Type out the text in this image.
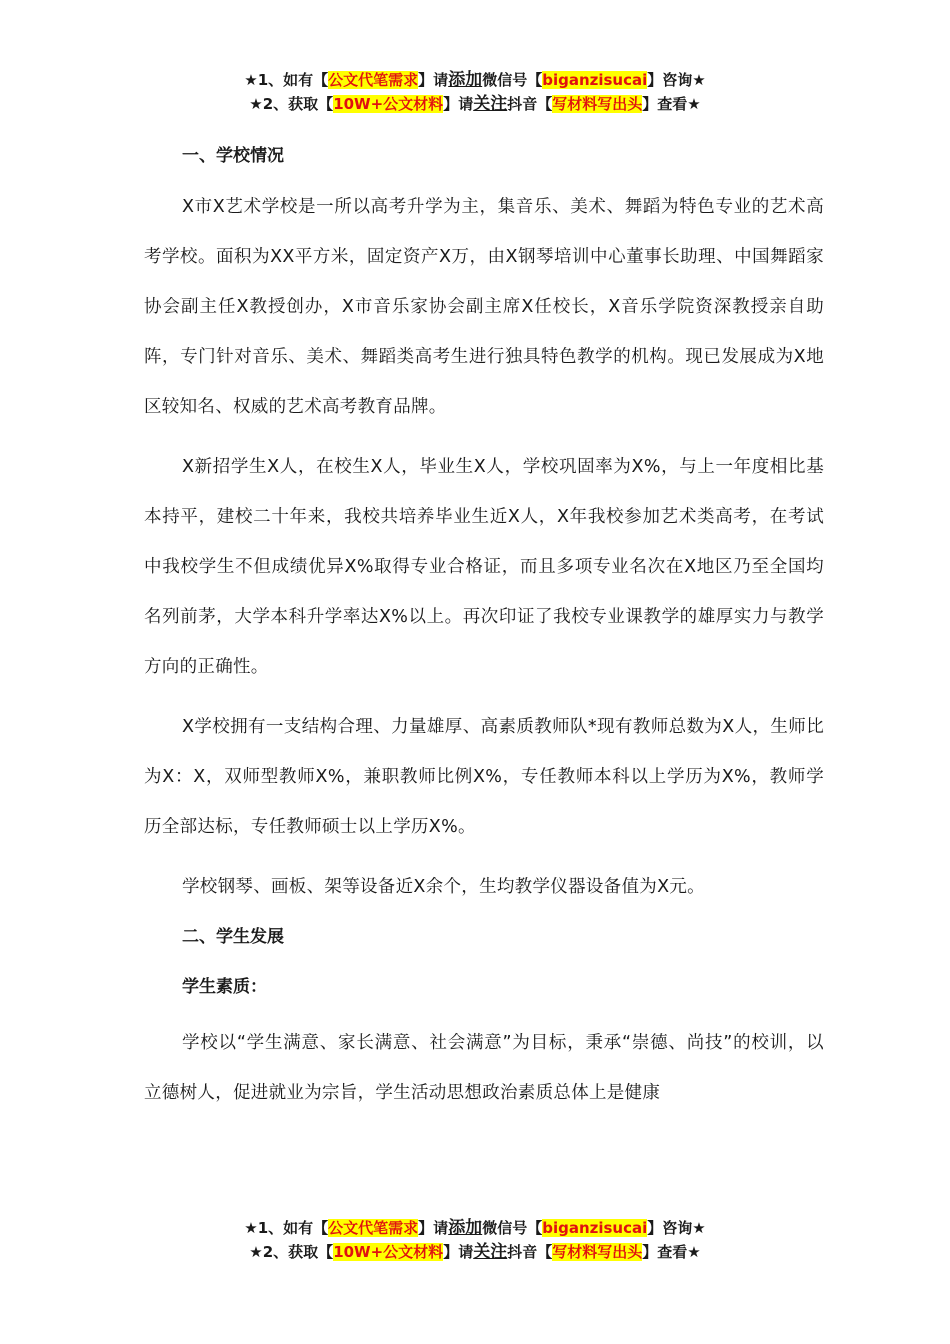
★1、如有【公文代笔需求】请添加微信号【biganzisucai】咨询★
★2、获取【10W+公文材料】请关注抖音【写材料写出头】查看★

一、学校情况

X市X艺术学校是一所以高考升学为主，集音乐、美术、舞蹈为特色专业的艺术高考学校。面积为XX平方米，固定资产X万，由X钢琴培训中心董事长助理、中国舞蹈家协会副主任X教授创办，X市音乐家协会副主席X任校长，X音乐学院资深教授亲自助阵，专门针对音乐、美术、舞蹈类高考生进行独具特色教学的机构。现已发展成为X地区较知名、权威的艺术高考教育品牌。

X新招学生X人，在校生X人，毕业生X人，学校巩固率为X%，与上一年度相比基本持平，建校二十年来，我校共培养毕业生近X人，X年我校参加艺术类高考，在考试中我校学生不但成绩优异X%取得专业合格证，而且多项专业名次在X地区乃至全国均名列前茅，大学本科升学率达X%以上。再次印证了我校专业课教学的雄厚实力与教学方向的正确性。

X学校拥有一支结构合理、力量雄厚、高素质教师队*现有教师总数为X人，生师比为X：X，双师型教师X%，兼职教师比例X%，专任教师本科以上学历为X%，教师学历全部达标，专任教师硕士以上学历X%。

学校钢琴、画板、架等设备近X余个，生均教学仪器设备值为X元。

二、学生发展

学生素质：

学校以“学生满意、家长满意、社会满意”为目标，秉承“崇德、尚技”的校训，以立德树人，促进就业为宗旨，学生活动思想政治素质总体上是健康

★1、如有【公文代笔需求】请添加微信号【biganzisucai】咨询★
★2、获取【10W+公文材料】请关注抖音【写材料写出头】查看★
